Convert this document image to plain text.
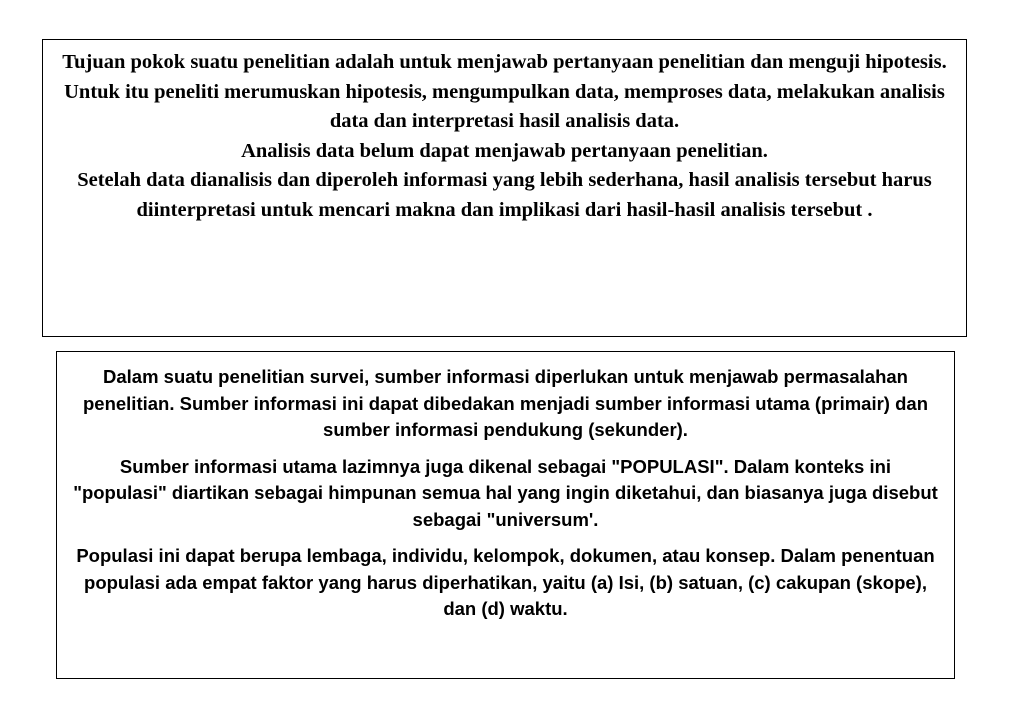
Tujuan pokok suatu penelitian adalah untuk menjawab pertanyaan penelitian dan menguji hipotesis.

Untuk itu peneliti merumuskan hipotesis, mengumpulkan data, memproses data, melakukan analisis data dan interpretasi hasil analisis data.

Analisis data belum dapat menjawab pertanyaan penelitian.

Setelah data dianalisis dan diperoleh informasi yang lebih sederhana, hasil analisis tersebut harus diinterpretasi untuk mencari makna dan implikasi dari hasil-hasil analisis tersebut .

Dalam suatu penelitian survei, sumber informasi diperlukan untuk menjawab permasalahan penelitian. Sumber informasi ini dapat dibedakan menjadi sumber informasi utama (primair) dan sumber informasi pendukung (sekunder).

Sumber informasi utama lazimnya juga dikenal sebagai "POPULASI". Dalam konteks ini "populasi" diartikan sebagai himpunan semua hal yang ingin diketahui, dan biasanya juga disebut sebagai "universum'.

Populasi ini dapat berupa lembaga, individu, kelompok, dokumen, atau konsep. Dalam penentuan populasi ada empat faktor yang harus diperhatikan, yaitu (a) Isi, (b) satuan, (c) cakupan (skope), dan (d) waktu.
